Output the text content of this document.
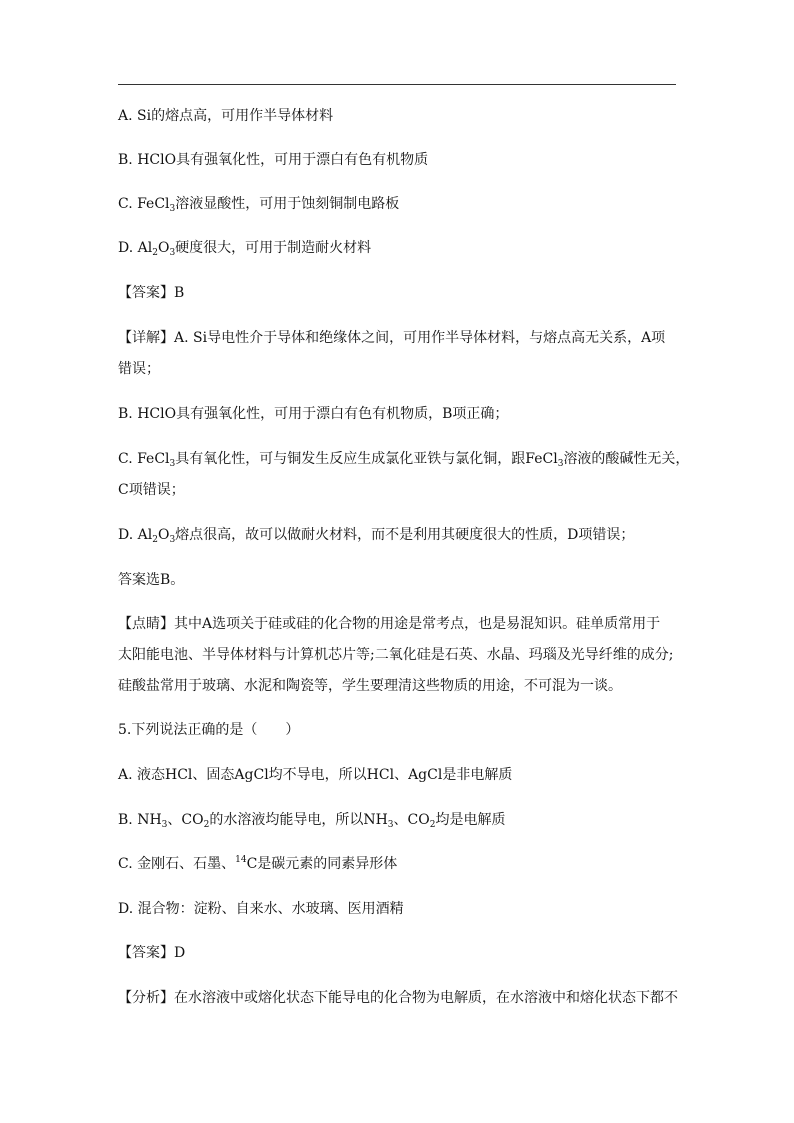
A. Si的熔点高，可用作半导体材料
B. HClO具有强氧化性，可用于漂白有色有机物质
C. FeCl$_3$溶液显酸性，可用于蚀刻铜制电路板
D. $Al_2O_3$硬度很大，可用于制造耐火材料
【答案】B
【详解】A. Si导电性介于导体和绝缘体之间，可用作半导体材料，与熔点高无关系，A项
错误；
B. HClO具有强氧化性，可用于漂白有色有机物质，B项正确；
C. FeCl$_3$具有氧化性，可与铜发生反应生成氯化亚铁与氯化铜，跟FeCl$_3$溶液的酸碱性无关，
C项错误；
D. $Al_2O_3$熔点很高，故可以做耐火材料，而不是利用其硬度很大的性质，D项错误；
答案选B。
【点睛】其中A选项关于硅或硅的化合物的用途是常考点，也是易混知识。硅单质常用于
太阳能电池、半导体材料与计算机芯片等;二氧化硅是石英、水晶、玛瑙及光导纤维的成分;
硅酸盐常用于玻璃、水泥和陶瓷等，学生要理清这些物质的用途，不可混为一谈。
5.下列说法正确的是（　　）
A. 液态HCl、固态AgCl均不导电，所以HCl、AgCl是非电解质
B. $NH_3$、$CO_2$的水溶液均能导电，所以$NH_3$、$CO_2$均是电解质
C. 金刚石、石墨、$^{14}$C是碳元素的同素异形体
D. 混合物：淀粉、自来水、水玻璃、医用酒精
【答案】D
【分析】在水溶液中或熔化状态下能导电的化合物为电解质，在水溶液中和熔化状态下都不
